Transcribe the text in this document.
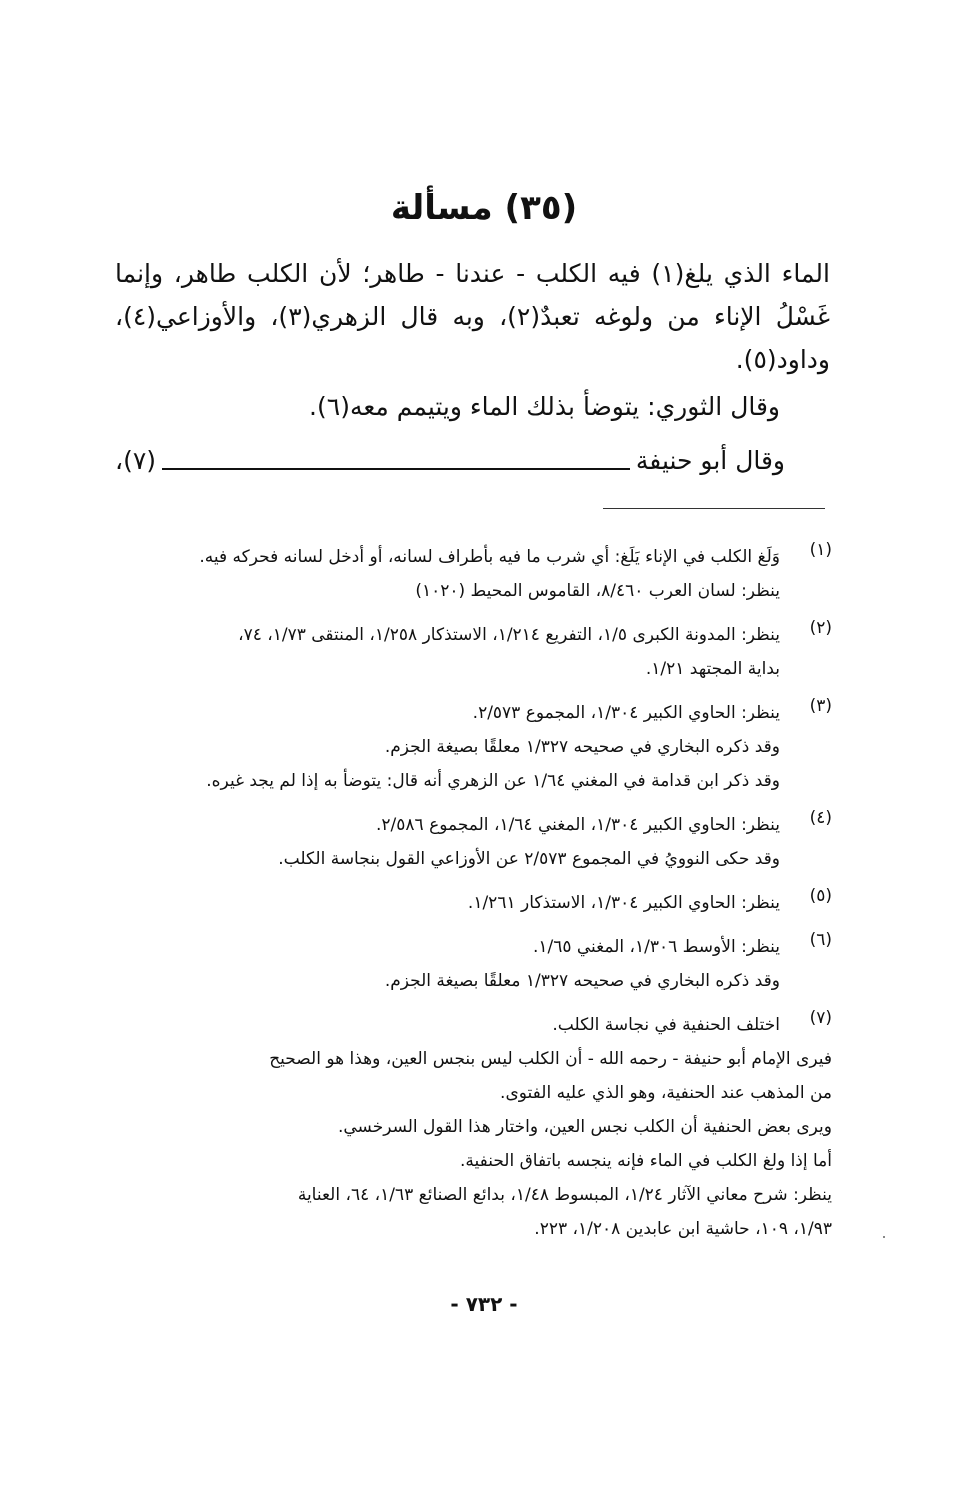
(٣٥) مسألة
الماء الذي يلغ(١) فيه الكلب - عندنا - طاهر؛ لأن الكلب طاهر، وإنما غَسْلُ الإناء من ولوغه تعبدٌ(٢)، وبه قال الزهري(٣)، والأوزاعي(٤)، وداود(٥).
وقال الثوري: يتوضأ بذلك الماء ويتيمم معه(٦).
وقال أبو حنيفة
(٧)،
(١)
وَلَغ الكلب في الإناء يَلَغ: أي شرب ما فيه بأطراف لسانه، أو أدخل لسانه فحركه فيه.
ينظر: لسان العرب ٨/٤٦٠، القاموس المحيط (١٠٢٠)
(٢)
ينظر: المدونة الكبرى ١/٥، التفريع ١/٢١٤، الاستذكار ١/٢٥٨، المنتقى ١/٧٣، ٧٤،
بداية المجتهد ١/٢١.
(٣)
ينظر: الحاوي الكبير ١/٣٠٤، المجموع ٢/٥٧٣.
وقد ذكره البخاري في صحيحه ١/٣٢٧ معلقًا بصيغة الجزم.
وقد ذكر ابن قدامة في المغني ١/٦٤ عن الزهري أنه قال: يتوضأ به إذا لم يجد غيره.
(٤)
ينظر: الحاوي الكبير ١/٣٠٤، المغني ١/٦٤، المجموع ٢/٥٨٦.
وقد حكى النوويُ في المجموع ٢/٥٧٣ عن الأوزاعي القول بنجاسة الكلب.
(٥)
ينظر: الحاوي الكبير ١/٣٠٤، الاستذكار ١/٢٦١.
(٦)
ينظر: الأوسط ١/٣٠٦، المغني ١/٦٥.
وقد ذكره البخاري في صحيحه ١/٣٢٧ معلقًا بصيغة الجزم.
(٧)
اختلف الحنفية في نجاسة الكلب.
فيرى الإمام أبو حنيفة - رحمه الله - أن الكلب ليس بنجس العين، وهذا هو الصحيح
من المذهب عند الحنفية، وهو الذي عليه الفتوى.
ويرى بعض الحنفية أن الكلب نجس العين، واختار هذا القول السرخسي.
أما إذا ولغ الكلب في الماء فإنه ينجسه باتفاق الحنفية.
ينظر: شرح معاني الآثار ١/٢٤، المبسوط ١/٤٨، بدائع الصنائع ١/٦٣، ٦٤، العناية
١/٩٣، ١٠٩، حاشية ابن عابدين ١/٢٠٨، ٢٢٣.
- ٧٣٢ -
